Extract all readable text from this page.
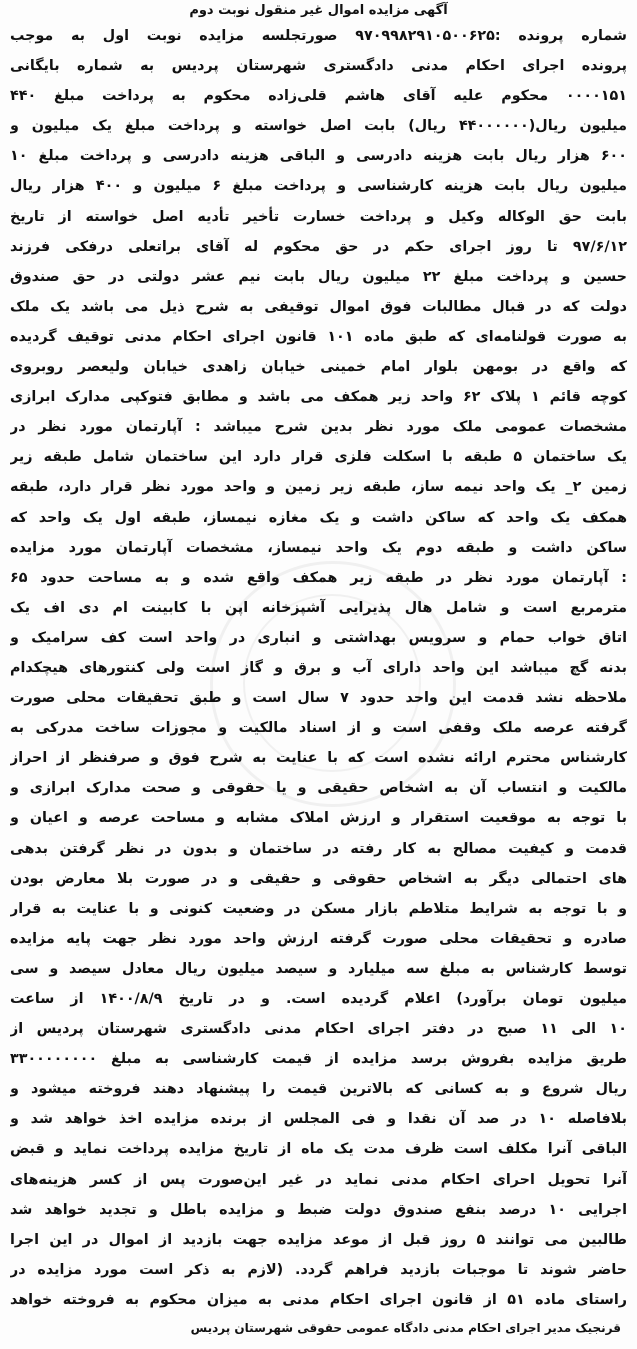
آگهی مزایده اموال غیر منقول نوبت دوم
شماره پرونده :۹۷۰۹۹۸۲۹۱۰۵۰۰۶۲۵ صورتجلسه مزایده نوبت اول به موجب
پرونده اجرای احکام مدنی دادگستری شهرستان پردیس به شماره بایگانی
۰۰۰۰۱۵۱ محکوم علیه آقای هاشم قلی‌زاده محکوم به پرداخت مبلغ ۴۴۰
میلیون ریال(۴۴۰۰۰۰۰۰ ریال) بابت اصل خواسته و پرداخت مبلغ یک میلیون و
۶۰۰ هزار ریال بابت هزینه دادرسی و الباقی هزینه دادرسی و پرداخت مبلغ ۱۰
میلیون ریال بابت هزینه کارشناسی و پرداخت مبلغ ۶ میلیون و ۴۰۰ هزار ریال
بابت حق الوکاله وکیل و پرداخت خسارت تأخیر تأدیه اصل خواسته از تاریخ
۹۷/۶/۱۲ تا روز اجرای حکم در حق محکوم له آقای براتعلی درفکی فرزند
حسین و پرداخت مبلغ ۲۲ میلیون ریال بابت نیم عشر دولتی در حق صندوق
دولت که در قبال مطالبات فوق اموال توقیفی به شرح ذیل می باشد یک ملک
به صورت قولنامه‌ای که طبق ماده ۱۰۱ قانون اجرای احکام مدنی توقیف گردیده
که واقع در بومهن بلوار امام خمینی خیابان زاهدی خیابان ولیعصر روبروی
کوچه قائم ۱ پلاک ۶۲ واحد زیر همکف می باشد و مطابق فتوکپی مدارک ابرازی
مشخصات عمومی ملک مورد نظر بدین شرح میباشد : آپارتمان مورد نظر در
یک ساختمان ۵ طبقه با اسکلت فلزی قرار دارد این ساختمان شامل طبقه زیر
زمین ۲_ یک واحد نیمه ساز، طبقه زیر زمین و واحد مورد نظر قرار دارد، طبقه
همکف یک واحد که ساکن داشت و یک مغازه نیمساز، طبقه اول یک واحد که
ساکن داشت و طبقه دوم یک واحد نیمساز، مشخصات آپارتمان مورد مزایده
: آپارتمان مورد نظر در طبقه زیر همکف واقع شده و به مساحت حدود ۶۵
مترمربع است و شامل هال پذیرایی آشپزخانه اپن با کابینت ام دی اف یک
اتاق خواب حمام و سرویس بهداشتی و انباری در واحد است کف سرامیک و
بدنه گچ میباشد این واحد دارای آب و برق و گاز است ولی کنتورهای هیچکدام
ملاحظه نشد قدمت این واحد حدود ۷ سال است و طبق تحقیقات محلی صورت
گرفته عرصه ملک وقفی است و از اسناد مالکیت و مجوزات ساخت مدرکی به
کارشناس محترم ارائه نشده است که با عنایت به شرح فوق و صرفنظر از احراز
مالکیت و انتساب آن به اشخاص حقیقی و یا حقوقی و صحت مدارک ابرازی و
با توجه به موقعیت استقرار و ارزش املاک مشابه و مساحت عرصه و اعیان و
قدمت و کیفیت مصالح به کار رفته در ساختمان و بدون در نظر گرفتن بدهی
های احتمالی دیگر به اشخاص حقوقی و حقیقی و در صورت بلا معارض بودن
و با توجه به شرایط متلاطم بازار مسکن در وضعیت کنونی و با عنایت به قرار
صادره و تحقیقات محلی صورت گرفته ارزش واحد مورد نظر جهت پایه مزایده
توسط کارشناس به مبلغ سه میلیارد و سیصد میلیون ریال معادل سیصد و سی
میلیون تومان برآورد) اعلام گردیده است. و در تاریخ ۱۴۰۰/۸/۹ از ساعت
۱۰ الی ۱۱ صبح در دفتر اجرای احکام مدنی دادگستری شهرستان پردیس از
طریق مزایده بفروش برسد مزایده از قیمت کارشناسی به مبلغ ۳۳۰۰۰۰۰۰۰۰
ریال شروع و به کسانی که بالاترین قیمت را پیشنهاد دهند فروخته میشود و
بلافاصله ۱۰ در صد آن نقدا و فی المجلس از برنده مزایده اخذ خواهد شد و
الباقی آنرا مکلف است ظرف مدت یک ماه از تاریخ مزایده پرداخت نماید و قبض
آنرا تحویل احرای احکام مدنی نماید در غیر این‌صورت پس از کسر هزینه‌های
اجرایی ۱۰ درصد بنفع صندوق دولت ضبط و مزایده باطل و تجدید خواهد شد
طالبین می توانند ۵ روز قبل از موعد مزایده جهت بازدید از اموال در این اجرا
حاضر شوند تا موجبات بازدید فراهم گردد. (لازم به ذکر است مورد مزایده در
راستای ماده ۵۱ از قانون اجرای احکام مدنی به میزان محکوم به فروخته خواهد
قرنجیک مدیر اجرای احکام مدنی دادگاه عمومی حقوقی شهرستان پردیس
